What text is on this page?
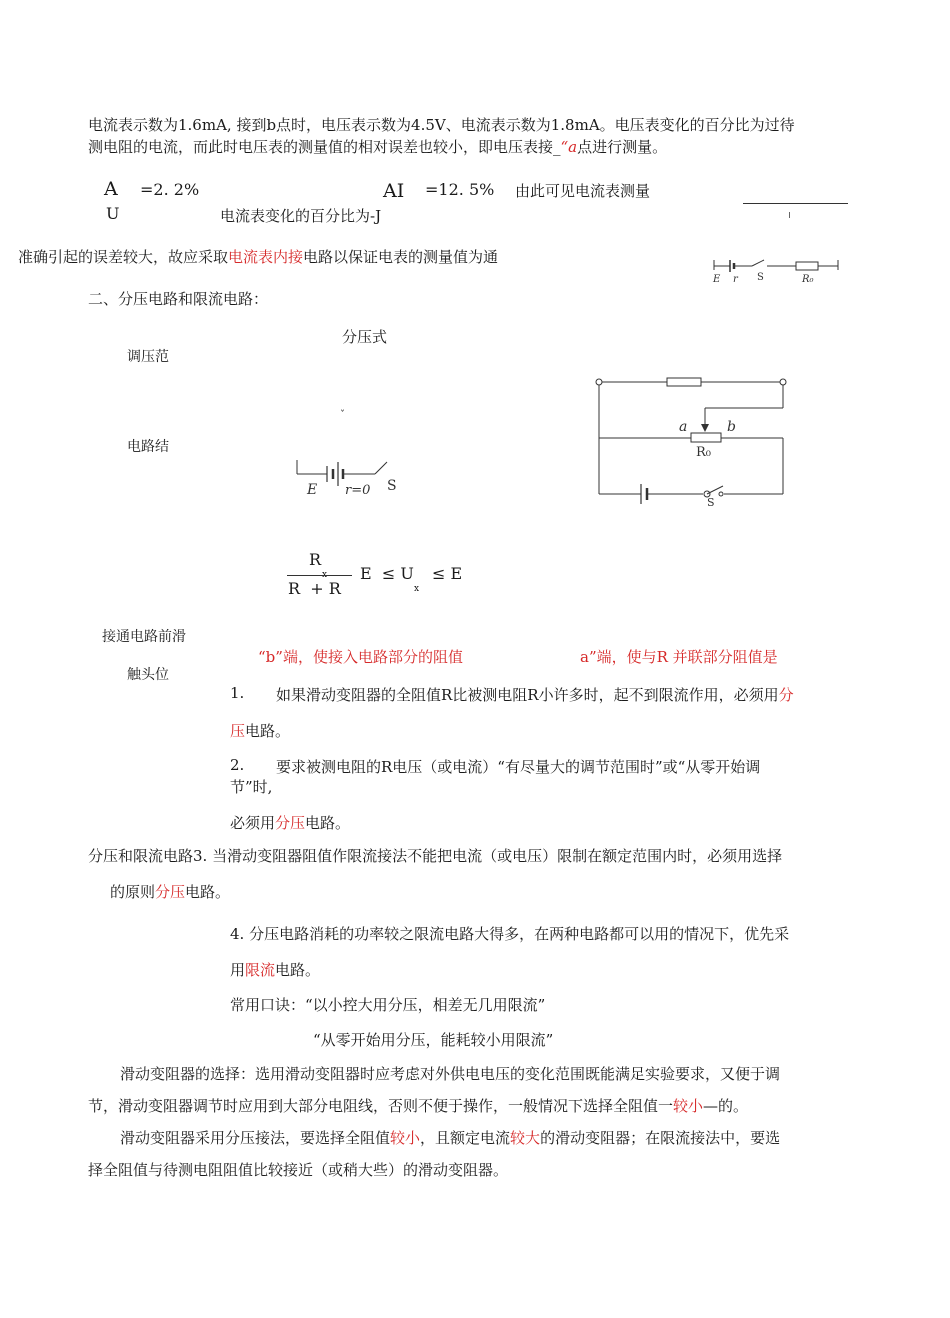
电流表示数为1.6mA, 接到b点时，电压表示数为4.5V、电流表示数为1.8mA。电压表变化的百分比为过待
测电阻的电流，而此时电压表的测量值的相对误差也较小，即电压表接_“a点进行测量。
A
U
=2. 2%	AI =12. 5% 由此可见电流表测量
电流表变化的百分比为-J
准确引起的误差较大，故应采取电流表内接电路以保证电表的测量值为通
E r S	R₀
二、分压电路和限流电路：
分压式

调压范
ˇ
电路结
E r=0 S
a	b
R₀
S
R
R  + R
E  ≤ U
x
≤ E
接通电路前滑
“b”端，使接入电路部分的阻值	a”端，使与R 并联部分阻值是
触头位
1. 如果滑动变阻器的全阻值R比被测电阻R小许多时，起不到限流作用，必须用分
压电路。
2. 要求被测电阻的R电压（或电流）“有尽量大的调节范围时”或“从零开始调
节”时,
必须用分压电路。
分压和限流电路3. 当滑动变阻器阻值作限流接法不能把电流（或电压）限制在额定范围内时，必须用选择
的原则分压电路。
4. 分压电路消耗的功率较之限流电路大得多，在两种电路都可以用的情况下，优先采
用限流电路。
常用口诀：“以小控大用分压，相差无几用限流”
“从零开始用分压，能耗较小用限流”
滑动变阻器的选择：选用滑动变阻器时应考虑对外供电电压的变化范围既能满足实验要求，又便于调
节，滑动变阻器调节时应用到大部分电阻线，否则不便于操作，一般情况下选择全阻值一较小—的。
滑动变阻器采用分压接法，要选择全阻值较小，且额定电流较大的滑动变阻器；在限流接法中，要选
择全阻值与待测电阻阻值比较接近（或稍大些）的滑动变阻器。
